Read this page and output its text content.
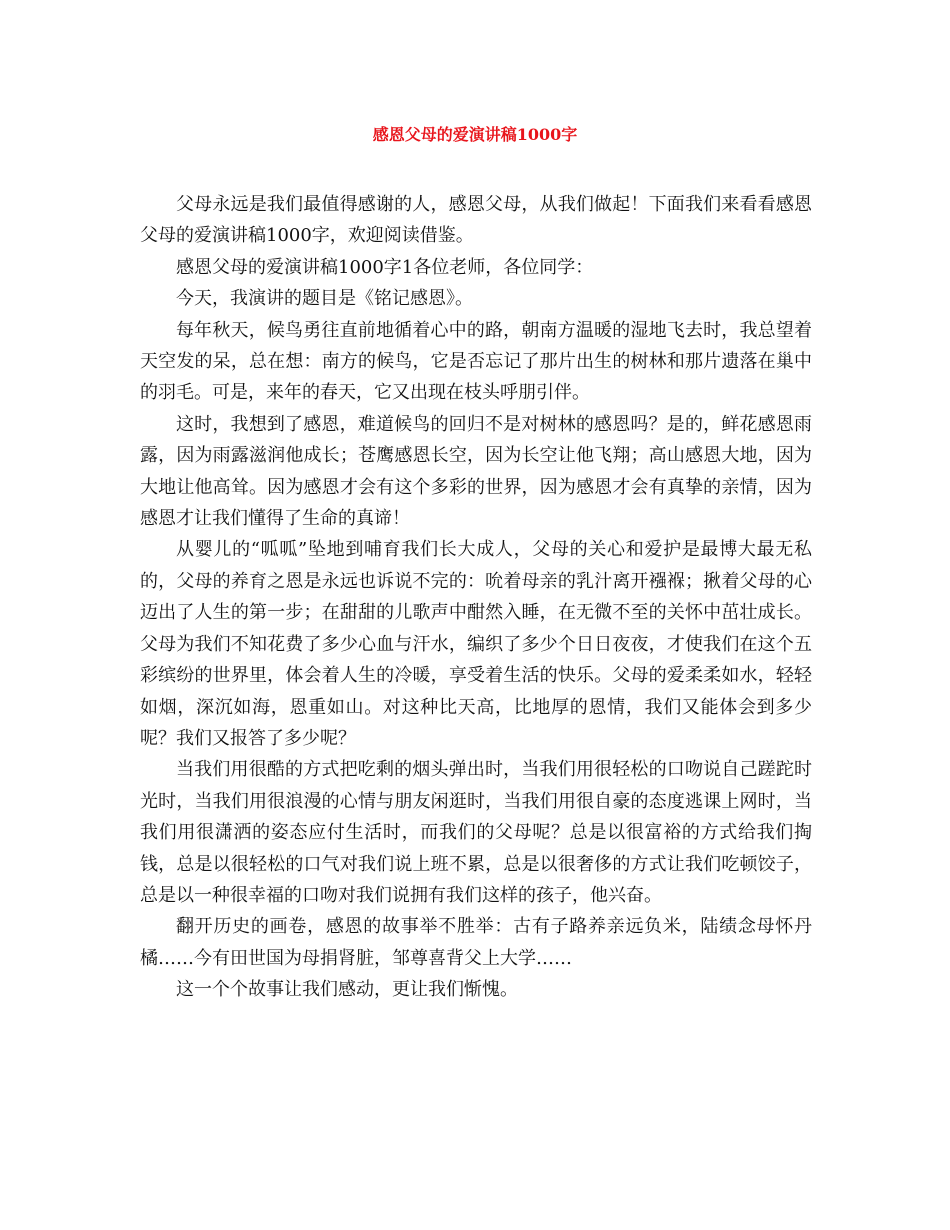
感恩父母的爱演讲稿1000字

父母永远是我们最值得感谢的人，感恩父母，从我们做起！下面我们来看看感恩父母的爱演讲稿1000字，欢迎阅读借鉴。

感恩父母的爱演讲稿1000字1各位老师，各位同学：

今天，我演讲的题目是《铭记感恩》。

每年秋天，候鸟勇往直前地循着心中的路，朝南方温暖的湿地飞去时，我总望着天空发的呆，总在想：南方的候鸟，它是否忘记了那片出生的树林和那片遗落在巢中的羽毛。可是，来年的春天，它又出现在枝头呼朋引伴。

这时，我想到了感恩，难道候鸟的回归不是对树林的感恩吗？是的，鲜花感恩雨露，因为雨露滋润他成长；苍鹰感恩长空，因为长空让他飞翔；高山感恩大地，因为大地让他高耸。因为感恩才会有这个多彩的世界，因为感恩才会有真挚的亲情，因为感恩才让我们懂得了生命的真谛！

从婴儿的“呱呱”坠地到哺育我们长大成人，父母的关心和爱护是最博大最无私的，父母的养育之恩是永远也诉说不完的：吮着母亲的乳汁离开襁褓；揪着父母的心迈出了人生的第一步；在甜甜的儿歌声中酣然入睡，在无微不至的关怀中茁壮成长。父母为我们不知花费了多少心血与汗水，编织了多少个日日夜夜，才使我们在这个五彩缤纷的世界里，体会着人生的冷暖，享受着生活的快乐。父母的爱柔柔如水，轻轻如烟，深沉如海，恩重如山。对这种比天高，比地厚的恩情，我们又能体会到多少呢？我们又报答了多少呢？

当我们用很酷的方式把吃剩的烟头弹出时，当我们用很轻松的口吻说自己蹉跎时光时，当我们用很浪漫的心情与朋友闲逛时，当我们用很自豪的态度逃课上网时，当我们用很潇洒的姿态应付生活时，而我们的父母呢？总是以很富裕的方式给我们掏钱，总是以很轻松的口气对我们说上班不累，总是以很奢侈的方式让我们吃顿饺子，总是以一种很幸福的口吻对我们说拥有我们这样的孩子，他兴奋。

翻开历史的画卷，感恩的故事举不胜举：古有子路养亲远负米，陆绩念母怀丹橘……今有田世国为母捐肾脏，邹尊喜背父上大学……

这一个个故事让我们感动，更让我们惭愧。
